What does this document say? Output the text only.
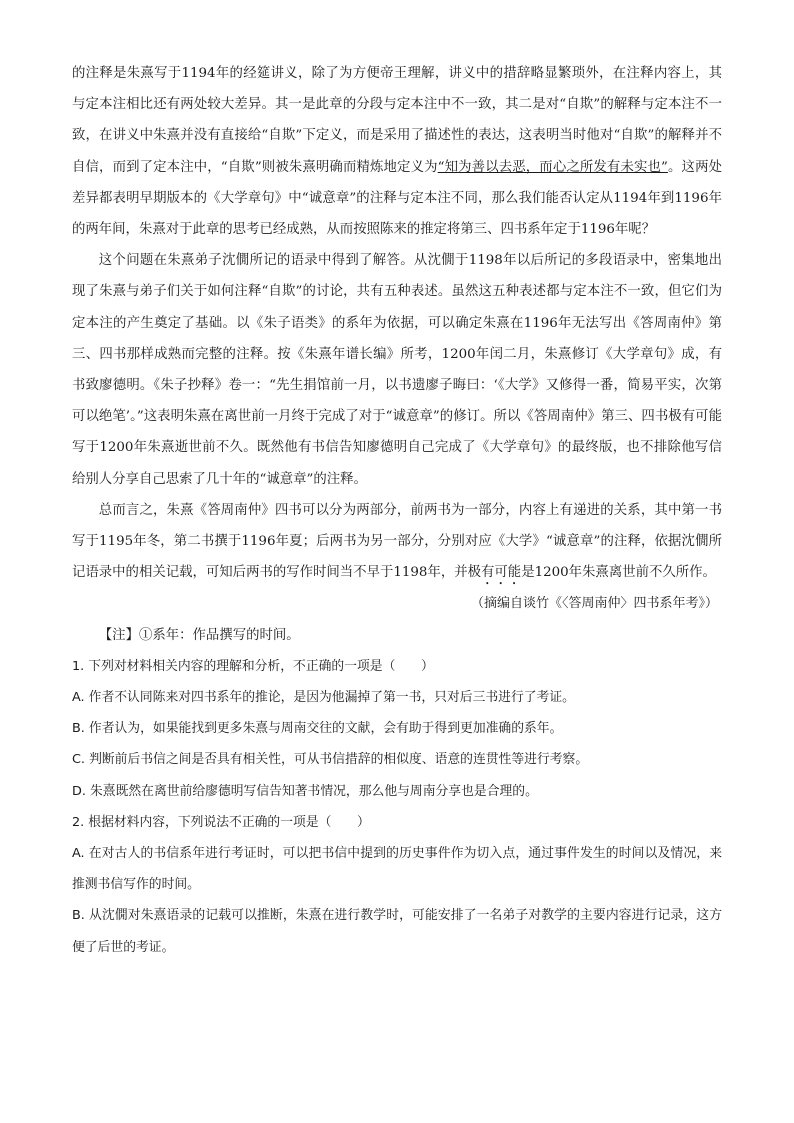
的注释是朱熹写于1194年的经筵讲义，除了为方便帝王理解，讲义中的措辞略显繁琐外，在注释内容上，其与定本注相比还有两处较大差异。其一是此章的分段与定本注中不一致，其二是对“自欺”的解释与定本注不一致，在讲义中朱熹并没有直接给“自欺”下定义，而是采用了描述性的表达，这表明当时他对“自欺”的解释并不自信，而到了定本注中，“自欺”则被朱熹明确而精炼地定义为“知为善以去恶，而心之所发有未实也”。这两处差异都表明早期版本的《大学章句》中“诚意章”的注释与定本注不同，那么我们能否认定从1194年到1196年的两年间，朱熹对于此章的思考已经成熟，从而按照陈来的推定将第三、四书系年定于1196年呢？

这个问题在朱熹弟子沈僩所记的语录中得到了解答。从沈僩于1198年以后所记的多段语录中，密集地出现了朱熹与弟子们关于如何注释“自欺”的讨论，共有五种表述。虽然这五种表述都与定本注不一致，但它们为定本注的产生奠定了基础。以《朱子语类》的系年为依据，可以确定朱熹在1196年无法写出《答周南仲》第三、四书那样成熟而完整的注释。按《朱熹年谱长编》所考，1200年闰二月，朱熹修订《大学章句》成，有书致廖德明。《朱子抄释》卷一：“先生捐馆前一月，以书遗廖子晦曰：‘《大学》又修得一番，简易平实，次第可以绝笔’。”这表明朱熹在离世前一月终于完成了对于“诚意章”的修订。所以《答周南仲》第三、四书极有可能写于1200年朱熹逝世前不久。既然他有书信告知廖德明自己完成了《大学章句》的最终版，也不排除他写信给别人分享自己思索了几十年的“诚意章”的注释。

总而言之，朱熹《答周南仲》四书可以分为两部分，前两书为一部分，内容上有递进的关系，其中第一书写于1195年冬，第二书撰于1196年夏；后两书为另一部分，分别对应《大学》“诚意章”的注释，依据沈僩所记语录中的相关记载，可知后两书的写作时间当不早于1198年，并极有可能是1200年朱熹离世前不久所作。

（摘编自谈竹《〈答周南仲〉四书系年考》）

【注】①系年：作品撰写的时间。

1. 下列对材料相关内容的理解和分析，不正确的一项是（　　）

A. 作者不认同陈来对四书系年的推论，是因为他漏掉了第一书，只对后三书进行了考证。

B. 作者认为，如果能找到更多朱熹与周南交往的文献，会有助于得到更加准确的系年。

C. 判断前后书信之间是否具有相关性，可从书信措辞的相似度、语意的连贯性等进行考察。

D. 朱熹既然在离世前给廖德明写信告知著书情况，那么他与周南分享也是合理的。

2. 根据材料内容，下列说法不正确的一项是（　　）

A. 在对古人的书信系年进行考证时，可以把书信中提到的历史事件作为切入点，通过事件发生的时间以及情况，来推测书信写作的时间。

B. 从沈僩对朱熹语录的记载可以推断，朱熹在进行教学时，可能安排了一名弟子对教学的主要内容进行记录，这方便了后世的考证。
